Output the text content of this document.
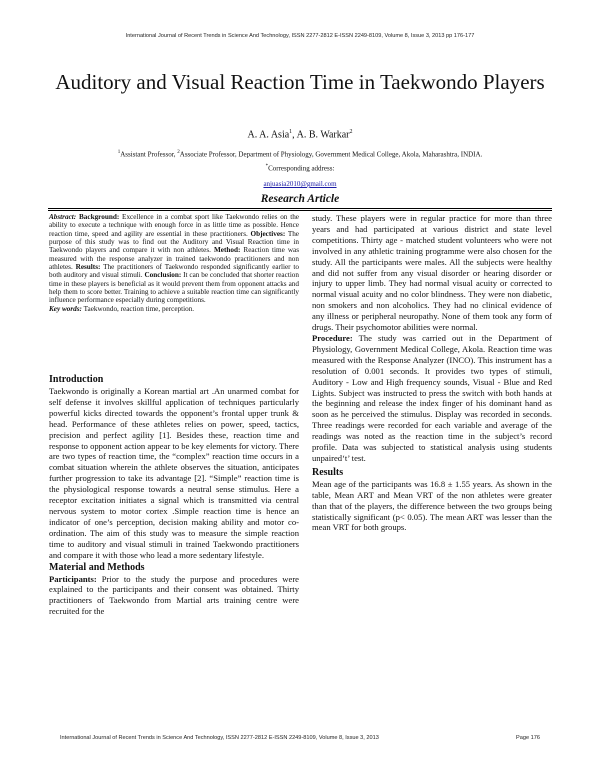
International Journal of Recent Trends in Science And Technology, ISSN 2277-2812 E-ISSN 2249-8109, Volume 8, Issue 3, 2013 pp 176-177
Auditory and Visual Reaction Time in Taekwondo Players
A. A. Asia$^1$, A. B. Warkar$^2$
$^1$Assistant Professor, $^2$Associate Professor, Department of Physiology, Government Medical College, Akola, Maharashtra, INDIA.
*Corresponding address:
anjuasia2010@gmail.com
Research Article

Abstract: Background: Excellence in a combat sport like Taekwondo relies on the ability to execute a technique with enough force in as little time as possible. Hence reaction time, speed and agility are essential in these practitioners. Objectives: The purpose of this study was to find out the Auditory and Visual Reaction time in Taekwondo players and compare it with non athletes. Method: Reaction time was measured with the response analyzer in trained taekwondo practitioners and non athletes. Results: The practitioners of Taekwondo responded significantly earlier to both auditory and visual stimuli. Conclusion: It can be concluded that shorter reaction time in these players is beneficial as it would prevent them from opponent attacks and help them to score better. Training to achieve a suitable reaction time can significantly influence performance especially during competitions.

Key words: Taekwondo, reaction time, perception.

Introduction

Taekwondo is originally a Korean martial art .An unarmed combat for self defense it involves skillful application of techniques particularly powerful kicks directed towards the opponent’s frontal upper trunk & head. Performance of these athletes relies on power, speed, tactics, precision and perfect agility [1]. Besides these, reaction time and response to opponent action appear to be key elements for victory. There are two types of reaction time, the “complex” reaction time occurs in a combat situation wherein the athlete observes the situation, anticipates further progression to take its advantage [2]. “Simple” reaction time is the physiological response towards a neutral sense stimulus. Here a receptor excitation initiates a signal which is transmitted via central nervous system to motor cortex .Simple reaction time is hence an indicator of one’s perception, decision making ability and motor co-ordination. The aim of this study was to measure the simple reaction time to auditory and visual stimuli in trained Taekwondo practitioners and compare it with those who lead a more sedentary lifestyle.

Material and Methods

Participants: Prior to the study the purpose and procedures were explained to the participants and their consent was obtained. Thirty practitioners of Taekwondo from Martial arts training centre were recruited for the

study. These players were in regular practice for more than three years and had participated at various district and state level competitions. Thirty age - matched student volunteers who were not involved in any athletic training programme were also chosen for the study. All the participants were males. All the subjects were healthy and did not suffer from any visual disorder or hearing disorder or injury to upper limb. They had normal visual acuity or corrected to normal visual acuity and no color blindness. They were non diabetic, non smokers and non alcoholics. They had no clinical evidence of any illness or peripheral neuropathy. None of them took any form of drugs. Their psychomotor abilities were normal.

Procedure: The study was carried out in the Department of Physiology, Government Medical College, Akola. Reaction time was measured with the Response Analyzer (INCO). This instrument has a resolution of 0.001 seconds. It provides two types of stimuli, Auditory - Low and High frequency sounds, Visual - Blue and Red Lights. Subject was instructed to press the switch with both hands at the beginning and release the index finger of his dominant hand as soon as he perceived the stimulus. Display was recorded in seconds. Three readings were recorded for each variable and average of the readings was noted as the reaction time in the subject’s record profile. Data was subjected to statistical analysis using students unpaired‘t’ test.

Results

Mean age of the participants was 16.8 ± 1.55 years. As shown in the table, Mean ART and Mean VRT of the non athletes were greater than that of the players, the difference between the two groups being statistically significant (p< 0.05). The mean ART was lesser than the mean VRT for both groups.

International Journal of Recent Trends in Science And Technology, ISSN 2277-2812 E-ISSN 2249-8109, Volume 8, Issue 3, 2013	Page 176
